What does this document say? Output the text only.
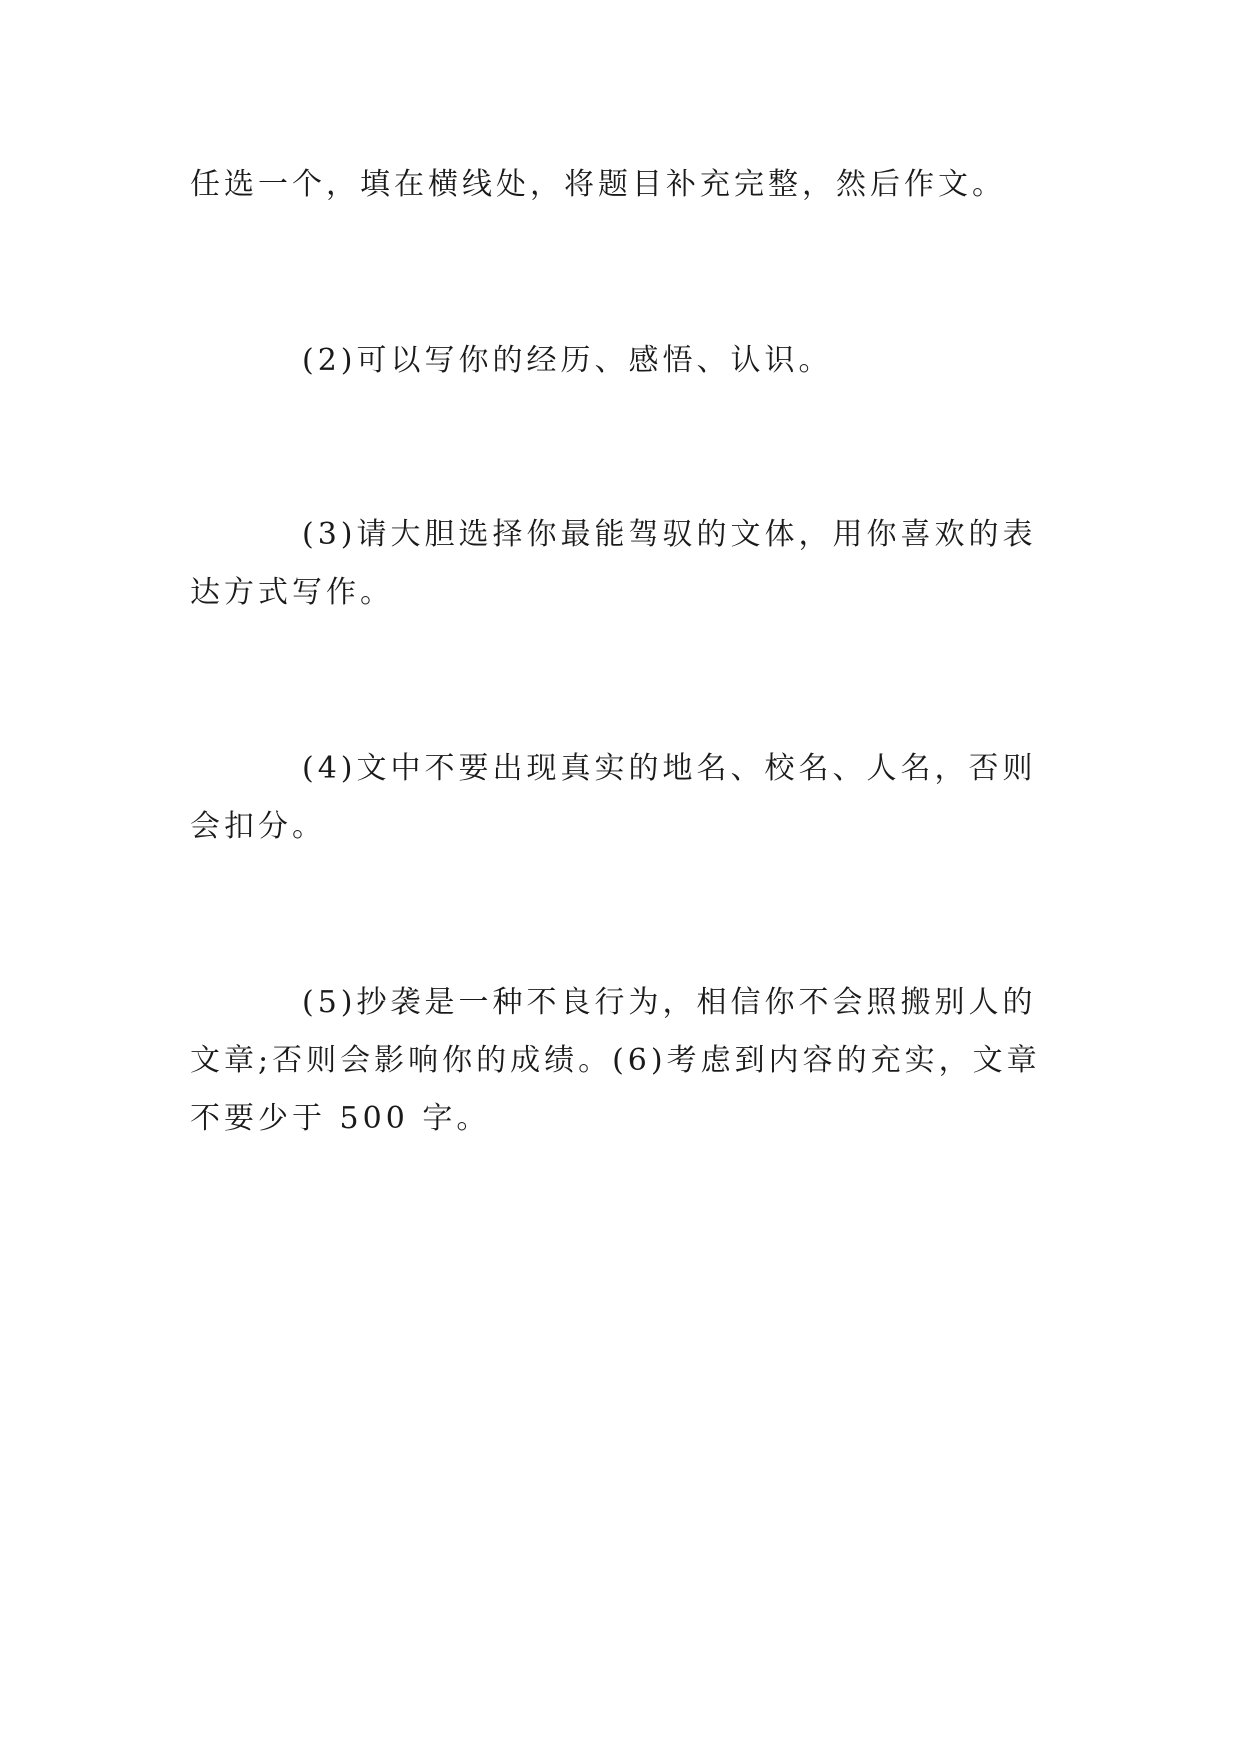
任选一个，填在横线处，将题目补充完整，然后作文。

(2)可以写你的经历、感悟、认识。

(3)请大胆选择你最能驾驭的文体，用你喜欢的表达方式写作。

(4)文中不要出现真实的地名、校名、人名，否则会扣分。

(5)抄袭是一种不良行为，相信你不会照搬别人的文章;否则会影响你的成绩。(6)考虑到内容的充实，文章不要少于 500 字。
